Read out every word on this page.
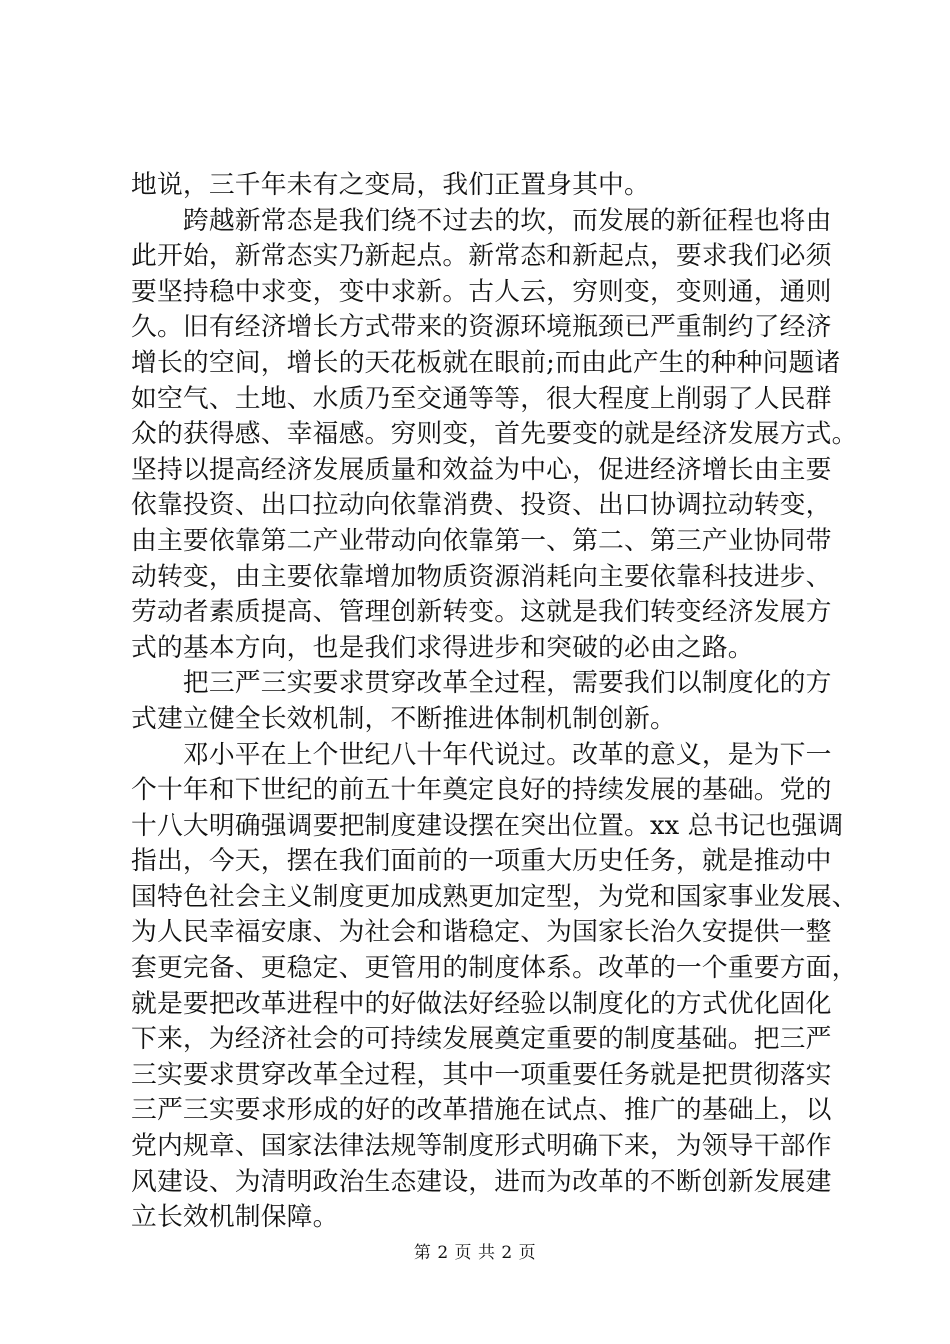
地说，三千年未有之变局，我们正置身其中。
　　跨越新常态是我们绕不过去的坎，而发展的新征程也将由
此开始，新常态实乃新起点。新常态和新起点，要求我们必须
要坚持稳中求变，变中求新。古人云，穷则变，变则通，通则
久。旧有经济增长方式带来的资源环境瓶颈已严重制约了经济
增长的空间，增长的天花板就在眼前;而由此产生的种种问题诸
如空气、土地、水质乃至交通等等，很大程度上削弱了人民群
众的获得感、幸福感。穷则变，首先要变的就是经济发展方式。
坚持以提高经济发展质量和效益为中心，促进经济增长由主要
依靠投资、出口拉动向依靠消费、投资、出口协调拉动转变，
由主要依靠第二产业带动向依靠第一、第二、第三产业协同带
动转变，由主要依靠增加物质资源消耗向主要依靠科技进步、
劳动者素质提高、管理创新转变。这就是我们转变经济发展方
式的基本方向，也是我们求得进步和突破的必由之路。
　　把三严三实要求贯穿改革全过程，需要我们以制度化的方
式建立健全长效机制，不断推进体制机制创新。
　　邓小平在上个世纪八十年代说过。改革的意义，是为下一
个十年和下世纪的前五十年奠定良好的持续发展的基础。党的
十八大明确强调要把制度建设摆在突出位置。xx 总书记也强调
指出，今天，摆在我们面前的一项重大历史任务，就是推动中
国特色社会主义制度更加成熟更加定型，为党和国家事业发展、
为人民幸福安康、为社会和谐稳定、为国家长治久安提供一整
套更完备、更稳定、更管用的制度体系。改革的一个重要方面，
就是要把改革进程中的好做法好经验以制度化的方式优化固化
下来，为经济社会的可持续发展奠定重要的制度基础。把三严
三实要求贯穿改革全过程，其中一项重要任务就是把贯彻落实
三严三实要求形成的好的改革措施在试点、推广的基础上，以
党内规章、国家法律法规等制度形式明确下来，为领导干部作
风建设、为清明政治生态建设，进而为改革的不断创新发展建
立长效机制保障。
第 2 页 共 2 页
